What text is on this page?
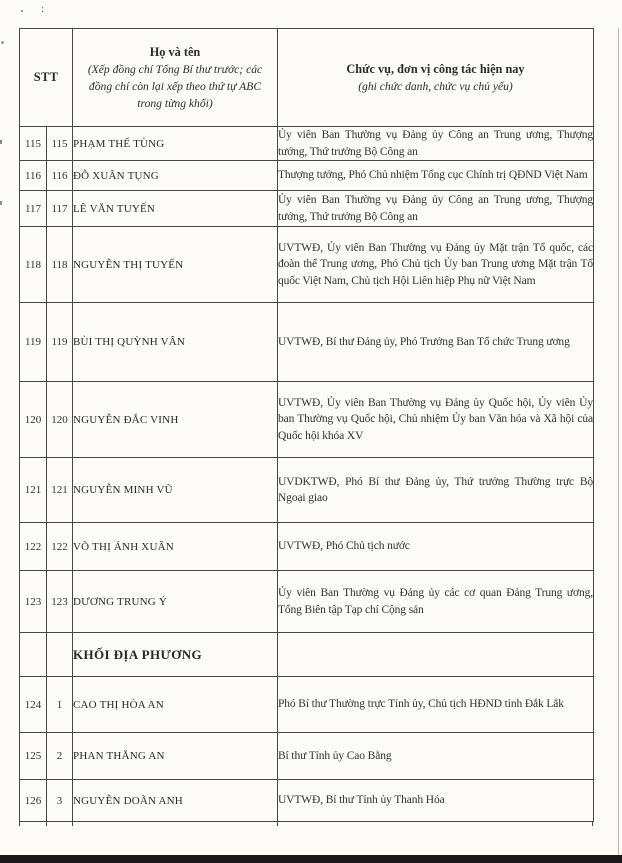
:
STT	
Họ và tên
(Xếp đồng chí Tổng Bí thư trước; các đồng chí còn lại xếp theo thứ tự ABC trong từng khối)

Chức vụ, đơn vị công tác hiện nay
(ghi chức danh, chức vụ chủ yếu)

115	115	PHẠM THẾ TÙNG	Ủy viên Ban Thường vụ Đảng ủy Công an Trung ương, Thượng tướng, Thứ trưởng Bộ Công an

116	116	ĐỖ XUÂN TỤNG	Thượng tướng, Phó Chủ nhiệm Tổng cục Chính trị QĐND Việt Nam

117	117	LÊ VĂN TUYẾN	Ủy viên Ban Thường vụ Đảng ủy Công an Trung ương, Thượng tướng, Thứ trưởng Bộ Công an

118	118	NGUYỄN THỊ TUYẾN	UVTWĐ, Ủy viên Ban Thường vụ Đảng ủy Mặt trận Tổ quốc, các đoàn thể Trung ương, Phó Chủ tịch Ủy ban Trung ương Mặt trận Tổ quốc Việt Nam, Chủ tịch Hội Liên hiệp Phụ nữ Việt Nam

119	119	BÙI THỊ QUỲNH VÂN	UVTWĐ, Bí thư Đảng ủy, Phó Trưởng Ban Tổ chức Trung ương

120	120	NGUYỄN ĐẮC VINH	UVTWĐ, Ủy viên Ban Thường vụ Đảng ủy Quốc hội, Ủy viên Ủy ban Thường vụ Quốc hội, Chủ nhiệm Ủy ban Văn hóa và Xã hội của Quốc hội khóa XV

121	121	NGUYỄN MINH VŨ	UVDKTWĐ, Phó Bí thư Đảng ủy, Thứ trưởng Thường trực Bộ Ngoại giao

122	122	VÕ THỊ ÁNH XUÂN	UVTWĐ, Phó Chủ tịch nước

123	123	DƯƠNG TRUNG Ý	Ủy viên Ban Thường vụ Đảng ủy các cơ quan Đảng Trung ương, Tổng Biên tập Tạp chí Cộng sản

		KHỐI ĐỊA PHƯƠNG	
124	1	CAO THỊ HÒA AN	Phó Bí thư Thường trực Tỉnh ủy, Chủ tịch HĐND tỉnh Đắk Lắk

125	2	PHAN THĂNG AN	Bí thư Tỉnh ủy Cao Bằng

126	3	NGUYỄN DOÃN ANH	UVTWĐ, Bí thư Tỉnh ủy Thanh Hóa
